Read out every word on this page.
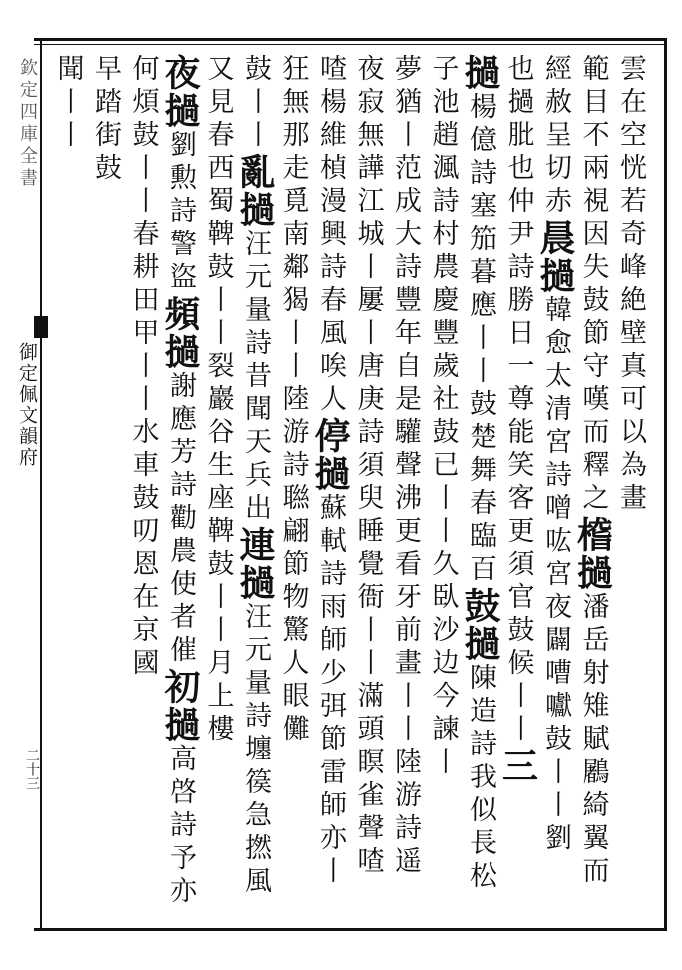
欽定四庫全書
御定佩文韻府
二十三
雲在空恍若奇峰絶壁真可以為畫
範目不兩視因失鼓節守嘆而釋之㮷撾潘岳射雉賦鷵綺翼而
經赦呈切赤晨撾韓愈太清宮詩噌吰宮夜闢嘈囐鼓丨丨劉
也撾肶也仲尹詩勝日一尊能笑客更須官鼓候丨丨三
撾楊億詩塞笳暮應丨丨鼓楚舞春臨百鼓撾陳造詩我似長松
子池趙渢詩村農慶豐歲社鼓已丨丨久臥沙边今諫丨
夢猶丨范成大詩豐年自是驩聲沸更看牙前畫丨丨陸游詩遥
夜寂無譁江城丨屢丨唐庚詩須臾睡覺衙丨丨滿頭瞑雀聲喳
喳楊維楨漫興詩春風唉人停撾蘇軾詩雨師少弭節雷師亦丨
狂無那走覓南鄰猲丨丨陸游詩聮翩節物驚人眼儺
鼓丨丨亂撾汪元量詩昔聞天兵出連撾汪元量詩㙻篌急撚風
又見春西蜀鞞鼓丨丨裂巖谷生座鞞鼓丨丨月上樓
夜撾劉勲詩警盜頻撾謝應芳詩勸農使者催初撾高啓詩予亦
何煩鼓丨丨春耕田甲丨丨水車鼓叨恩在京國
早踏街鼓
聞丨丨
